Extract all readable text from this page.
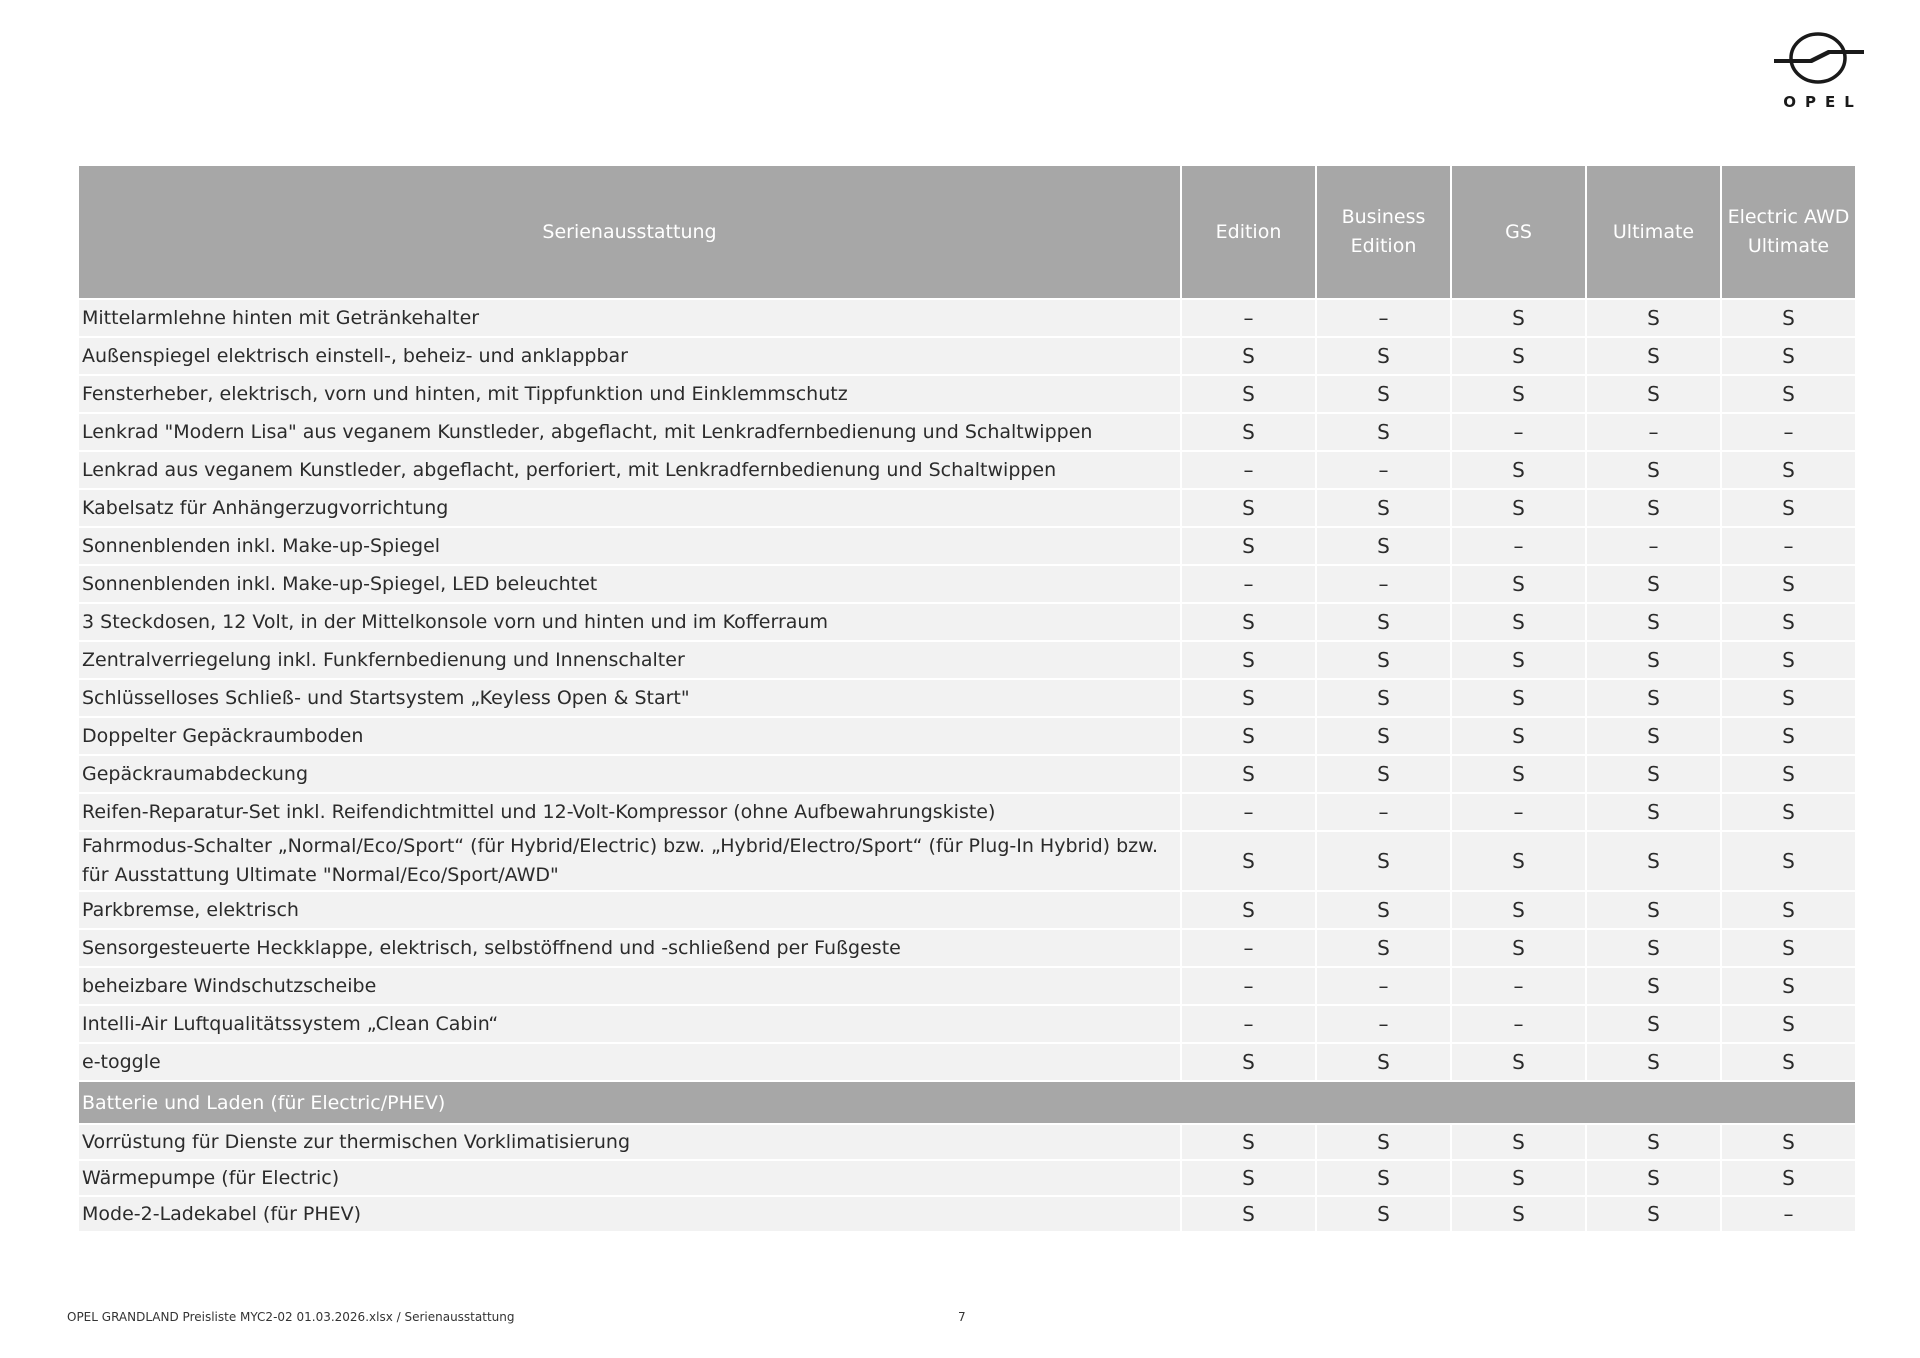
OPEL
Serienausstattung	Edition	Business Edition	GS	Ultimate	Electric AWD Ultimate
Mittelarmlehne hinten mit Getränkehalter	–	–	S	S	S
Außenspiegel elektrisch einstell-, beheiz- und anklappbar	S	S	S	S	S
Fensterheber, elektrisch, vorn und hinten, mit Tippfunktion und Einklemmschutz	S	S	S	S	S
Lenkrad "Modern Lisa" aus veganem Kunstleder, abgeflacht, mit Lenkradfernbedienung und Schaltwippen	S	S	–	–	–
Lenkrad aus veganem Kunstleder, abgeflacht, perforiert, mit Lenkradfernbedienung und Schaltwippen	–	–	S	S	S
Kabelsatz für Anhängerzugvorrichtung	S	S	S	S	S
Sonnenblenden inkl. Make-up-Spiegel	S	S	–	–	–
Sonnenblenden inkl. Make-up-Spiegel, LED beleuchtet	–	–	S	S	S
3 Steckdosen, 12 Volt, in der Mittelkonsole vorn und hinten und im Kofferraum	S	S	S	S	S
Zentralverriegelung inkl. Funkfernbedienung und Innenschalter	S	S	S	S	S
Schlüsselloses Schließ- und Startsystem „Keyless Open & Start"	S	S	S	S	S
Doppelter Gepäckraumboden	S	S	S	S	S
Gepäckraumabdeckung	S	S	S	S	S
Reifen-Reparatur-Set inkl. Reifendichtmittel und 12-Volt-Kompressor (ohne Aufbewahrungskiste)	–	–	–	S	S
Fahrmodus-Schalter „Normal/Eco/Sport“ (für Hybrid/Electric) bzw. „Hybrid/Electro/Sport“ (für Plug-In Hybrid) bzw. für Ausstattung Ultimate "Normal/Eco/Sport/AWD"	S	S	S	S	S
Parkbremse, elektrisch	S	S	S	S	S
Sensorgesteuerte Heckklappe, elektrisch, selbstöffnend und -schließend per Fußgeste	–	S	S	S	S
beheizbare Windschutzscheibe	–	–	–	S	S
Intelli-Air Luftqualitätssystem „Clean Cabin“	–	–	–	S	S
e-toggle	S	S	S	S	S
Batterie und Laden (für Electric/PHEV)					
Vorrüstung für Dienste zur thermischen Vorklimatisierung	S	S	S	S	S
Wärmepumpe (für Electric)	S	S	S	S	S
Mode-2-Ladekabel (für PHEV)	S	S	S	S	–
OPEL GRANDLAND Preisliste MYC2-02 01.03.2026.xlsx / Serienausstattung	7
